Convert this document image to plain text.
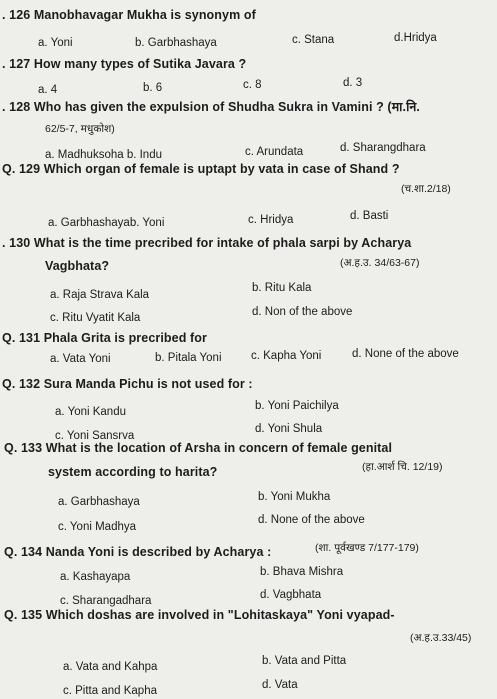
. 126 Manobhavagar Mukha is synonym of
a. Yoni	b. Garbhashaya	c. Stana	d.Hridya
. 127 How many types of Sutika Javara ?
a. 4	b. 6	c. 8	d. 3
. 128 Who has given the expulsion of Shudha Sukra in Vamini ? (मा.नि.
62/5-7, मधुकोश)
a. Madhuksoha b. Indu	c. Arundata	d. Sharangdhara
Q. 129 Which organ of female is uptapt by vata in case of Shand ?
(च.शा.2/18)
a. Garbhashayab. Yoni	c. Hridya	d. Basti
. 130 What is the time precribed for intake of phala sarpi by Acharya
Vagbhata?	(अ.ह.उ. 34/63-67)
a. Raja Strava Kala
b. Ritu Kala
c. Ritu Vyatit Kala	d. Non of the above
Q. 131 Phala Grita is precribed for
a. Vata Yoni	b. Pitala Yoni	c. Kapha Yoni	d. None of the above
Q. 132 Sura Manda Pichu is not used for :
a. Yoni Kandu	b. Yoni Paichilya
c. Yoni Sansrva
d. Yoni Shula
Q. 133 What is the location of Arsha in concern of female genital
system according to harita?	(हा.आर्श चि. 12/19)
a. Garbhashaya	b. Yoni Mukha
c. Yoni Madhya
d. None of the above
Q. 134 Nanda Yoni is described by Acharya :	(शा. पूर्वखण्ड 7/177-179)
a. Kashayapa	b. Bhava Mishra
c. Sharangadhara	d. Vagbhata
Q. 135 Which doshas are involved in "Lohitaskaya" Yoni vyapad-
(अ.ह.उ.33/45)
a. Vata and Kahpa	b. Vata and Pitta
c. Pitta and Kapha	d. Vata
